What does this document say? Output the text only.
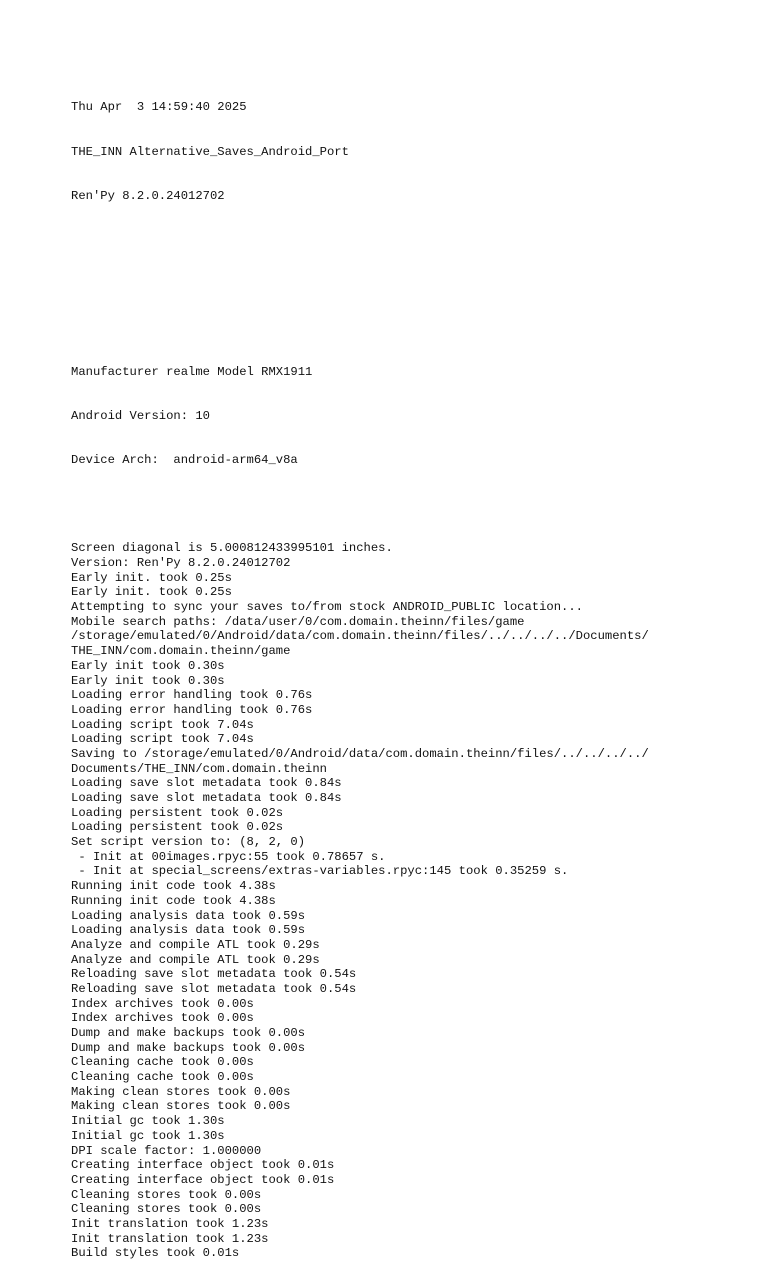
Thu Apr  3 14:59:40 2025

THE_INN Alternative_Saves_Android_Port

Ren'Py 8.2.0.24012702

Manufacturer realme Model RMX1911

Android Version: 10

Device Arch:  android-arm64_v8a

Screen diagonal is 5.000812433995101 inches.
Version: Ren'Py 8.2.0.24012702
Early init. took 0.25s
Early init. took 0.25s
Attempting to sync your saves to/from stock ANDROID_PUBLIC location...
Mobile search paths: /data/user/0/com.domain.theinn/files/game
/storage/emulated/0/Android/data/com.domain.theinn/files/../../../../Documents/
THE_INN/com.domain.theinn/game
Early init took 0.30s
Early init took 0.30s
Loading error handling took 0.76s
Loading error handling took 0.76s
Loading script took 7.04s
Loading script took 7.04s
Saving to /storage/emulated/0/Android/data/com.domain.theinn/files/../../../../
Documents/THE_INN/com.domain.theinn
Loading save slot metadata took 0.84s
Loading save slot metadata took 0.84s
Loading persistent took 0.02s
Loading persistent took 0.02s
Set script version to: (8, 2, 0)
- Init at 00images.rpyc:55 took 0.78657 s.
- Init at special_screens/extras-variables.rpyc:145 took 0.35259 s.
Running init code took 4.38s
Running init code took 4.38s
Loading analysis data took 0.59s
Loading analysis data took 0.59s
Analyze and compile ATL took 0.29s
Analyze and compile ATL took 0.29s
Reloading save slot metadata took 0.54s
Reloading save slot metadata took 0.54s
Index archives took 0.00s
Index archives took 0.00s
Dump and make backups took 0.00s
Dump and make backups took 0.00s
Cleaning cache took 0.00s
Cleaning cache took 0.00s
Making clean stores took 0.00s
Making clean stores took 0.00s
Initial gc took 1.30s
Initial gc took 1.30s
DPI scale factor: 1.000000
Creating interface object took 0.01s
Creating interface object took 0.01s
Cleaning stores took 0.00s
Cleaning stores took 0.00s
Init translation took 1.23s
Init translation took 1.23s
Build styles took 0.01s
